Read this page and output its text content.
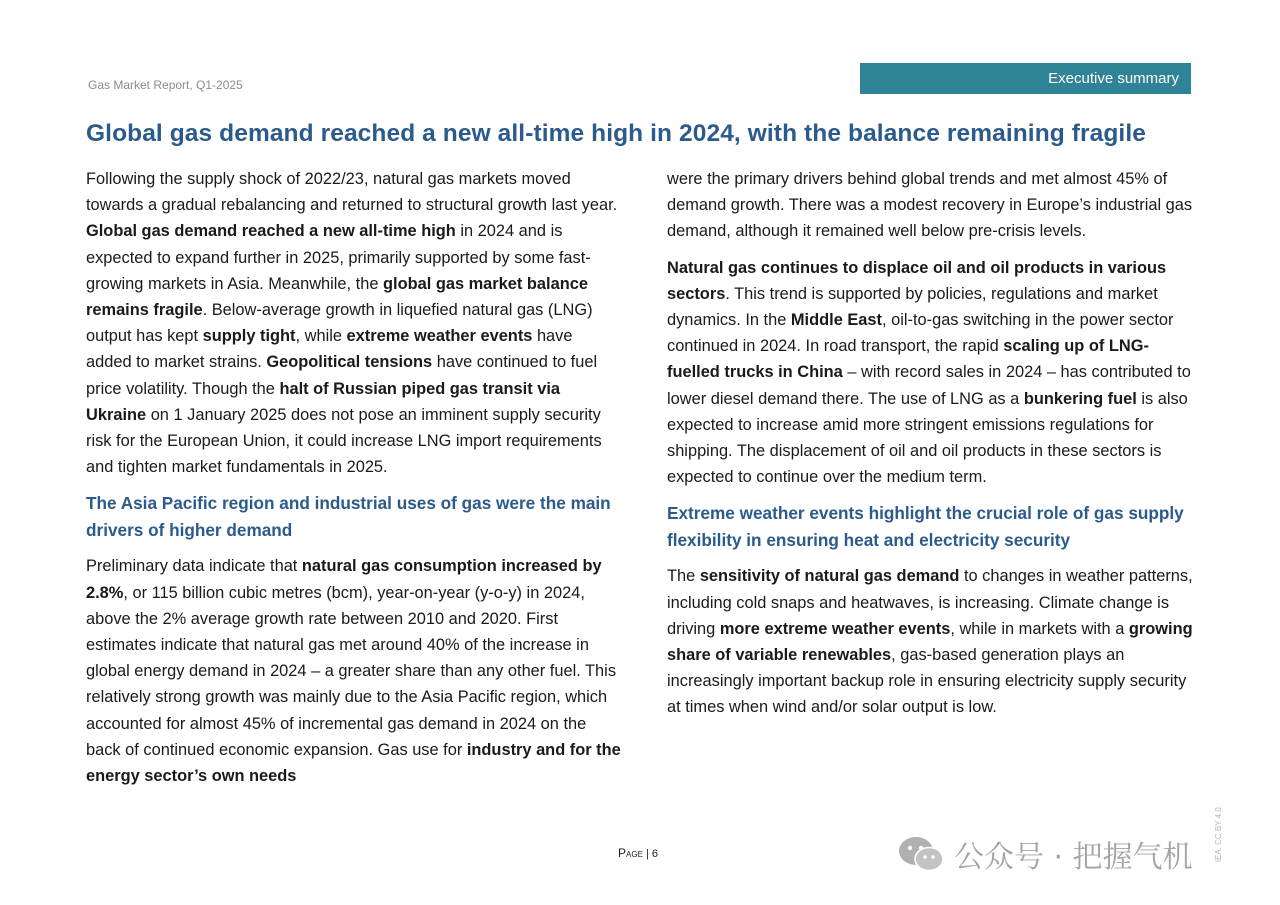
Gas Market Report, Q1-2025	Executive summary
Global gas demand reached a new all-time high in 2024, with the balance remaining fragile

Following the supply shock of 2022/23, natural gas markets moved towards a gradual rebalancing and returned to structural growth last year. Global gas demand reached a new all-time high in 2024 and is expected to expand further in 2025, primarily supported by some fast-growing markets in Asia. Meanwhile, the global gas market balance remains fragile. Below-average growth in liquefied natural gas (LNG) output has kept supply tight, while extreme weather events have added to market strains. Geopolitical tensions have continued to fuel price volatility. Though the halt of Russian piped gas transit via Ukraine on 1 January 2025 does not pose an imminent supply security risk for the European Union, it could increase LNG import requirements and tighten market fundamentals in 2025.

The Asia Pacific region and industrial uses of gas were the main drivers of higher demand

Preliminary data indicate that natural gas consumption increased by 2.8%, or 115 billion cubic metres (bcm), year-on-year (y-o-y) in 2024, above the 2% average growth rate between 2010 and 2020. First estimates indicate that natural gas met around 40% of the increase in global energy demand in 2024 – a greater share than any other fuel. This relatively strong growth was mainly due to the Asia Pacific region, which accounted for almost 45% of incremental gas demand in 2024 on the back of continued economic expansion. Gas use for industry and for the energy sector’s own needs

were the primary drivers behind global trends and met almost 45% of demand growth. There was a modest recovery in Europe’s industrial gas demand, although it remained well below pre-crisis levels.

Natural gas continues to displace oil and oil products in various sectors. This trend is supported by policies, regulations and market dynamics. In the Middle East, oil-to-gas switching in the power sector continued in 2024. In road transport, the rapid scaling up of LNG-fuelled trucks in China – with record sales in 2024 – has contributed to lower diesel demand there. The use of LNG as a bunkering fuel is also expected to increase amid more stringent emissions regulations for shipping. The displacement of oil and oil products in these sectors is expected to continue over the medium term.

Extreme weather events highlight the crucial role of gas supply flexibility in ensuring heat and electricity security

The sensitivity of natural gas demand to changes in weather patterns, including cold snaps and heatwaves, is increasing. Climate change is driving more extreme weather events, while in markets with a growing share of variable renewables, gas-based generation plays an increasingly important backup role in ensuring electricity supply security at times when wind and/or solar output is low.

Page | 6	IEA. CC BY 4.0.
公众号 · 把握气机
